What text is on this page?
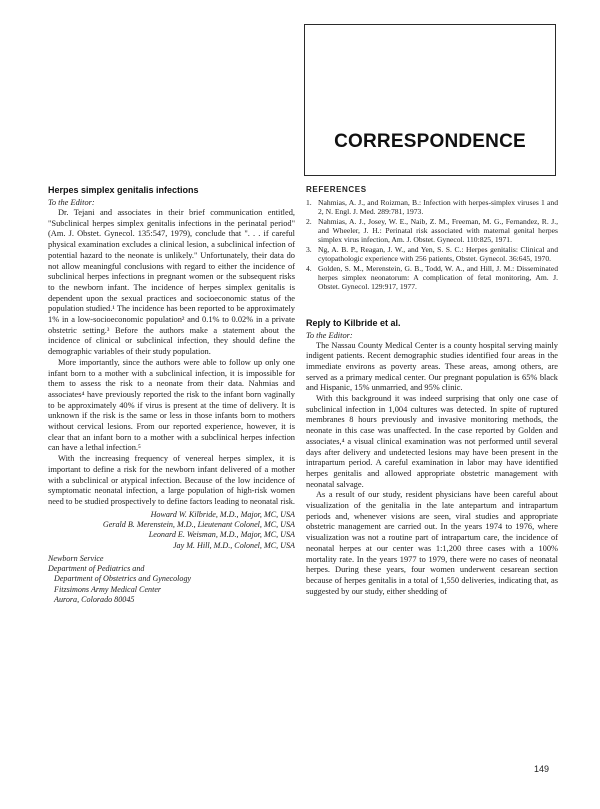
CORRESPONDENCE
Herpes simplex genitalis infections
To the Editor:

Dr. Tejani and associates in their brief communication entitled, "Subclinical herpes simplex genitalis infections in the perinatal period" (Am. J. Obstet. Gynecol. 135:547, 1979), conclude that ". . . if careful physical examination excludes a clinical lesion, a subclinical infection of potential hazard to the neonate is unlikely." Unfortunately, their data do not allow meaningful conclusions with regard to either the incidence of subclinical herpes infections in pregnant women or the subsequent risks to the newborn infant. The incidence of herpes simplex genitalis is dependent upon the sexual practices and socioeconomic status of the population studied.¹ The incidence has been reported to be approximately 1% in a low-socioeconomic population² and 0.1% to 0.02% in a private obstetric setting.³ Before the authors make a statement about the incidence of clinical or subclinical infection, they should define the demographic variables of their study population.

More importantly, since the authors were able to follow up only one infant born to a mother with a subclinical infection, it is impossible for them to assess the risk to a neonate from their data. Nahmias and associates⁴ have previously reported the risk to the infant born vaginally to be approximately 40% if virus is present at the time of delivery. It is unknown if the risk is the same or less in those infants born to mothers without cervical lesions. From our reported experience, however, it is clear that an infant born to a mother with a subclinical herpes infection can have a lethal infection.⁵

With the increasing frequency of venereal herpes simplex, it is important to define a risk for the newborn infant delivered of a mother with a subclinical or atypical infection. Because of the low incidence of symptomatic neonatal infection, a large population of high-risk women need to be studied prospectively to define factors leading to neonatal risk.

Howard W. Kilbride, M.D., Major, MC, USA
Gerald B. Merenstein, M.D., Lieutenant Colonel, MC, USA
Leonard E. Weisman, M.D., Major, MC, USA
Jay M. Hill, M.D., Colonel, MC, USA
Newborn Service
Department of Pediatrics and
Department of Obstetrics and Gynecology
Fitzsimons Army Medical Center
Aurora, Colorado 80045
REFERENCES
1. Nahmias, A. J., and Roizman, B.: Infection with herpes-simplex viruses 1 and 2, N. Engl. J. Med. 289:781, 1973.
2. Nahmias, A. J., Josey, W. E., Naib, Z. M., Freeman, M. G., Fernandez, R. J., and Wheeler, J. H.: Perinatal risk associated with maternal genital herpes simplex virus infection, Am. J. Obstet. Gynecol. 110:825, 1971.
3. Ng, A. B. P., Reagan, J. W., and Yen, S. S. C.: Herpes genitalis: Clinical and cytopathologic experience with 256 patients, Obstet. Gynecol. 36:645, 1970.
4. Golden, S. M., Merenstein, G. B., Todd, W. A., and Hill, J. M.: Disseminated herpes simplex neonatorum: A complication of fetal monitoring, Am. J. Obstet. Gynecol. 129:917, 1977.
Reply to Kilbride et al.
To the Editor:

The Nassau County Medical Center is a county hospital serving mainly indigent patients. Recent demographic studies identified four areas in the immediate environs as poverty areas. These areas, among others, are served as a primary medical center. Our pregnant population is 65% black and Hispanic, 15% unmarried, and 95% clinic.

With this background it was indeed surprising that only one case of subclinical infection in 1,004 cultures was detected. In spite of ruptured membranes 8 hours previously and invasive monitoring methods, the neonate in this case was unaffected. In the case reported by Golden and associates,⁴ a visual clinical examination was not performed until several days after delivery and undetected lesions may have been present in the intrapartum period. A careful examination in labor may have identified herpes genitalis and allowed appropriate obstetric management with neonatal salvage.

As a result of our study, resident physicians have been careful about visualization of the genitalia in the late antepartum and intrapartum periods and, whenever visions are seen, viral studies and appropriate obstetric management are carried out. In the years 1974 to 1976, where visualization was not a routine part of intrapartum care, the incidence of neonatal herpes at our center was 1:1,200 three cases with a 100% mortality rate. In the years 1977 to 1979, there were no cases of neonatal herpes. During these years, four women underwent cesarean section because of herpes genitalis in a total of 1,550 deliveries, indicating that, as suggested by our study, either shedding of

149
